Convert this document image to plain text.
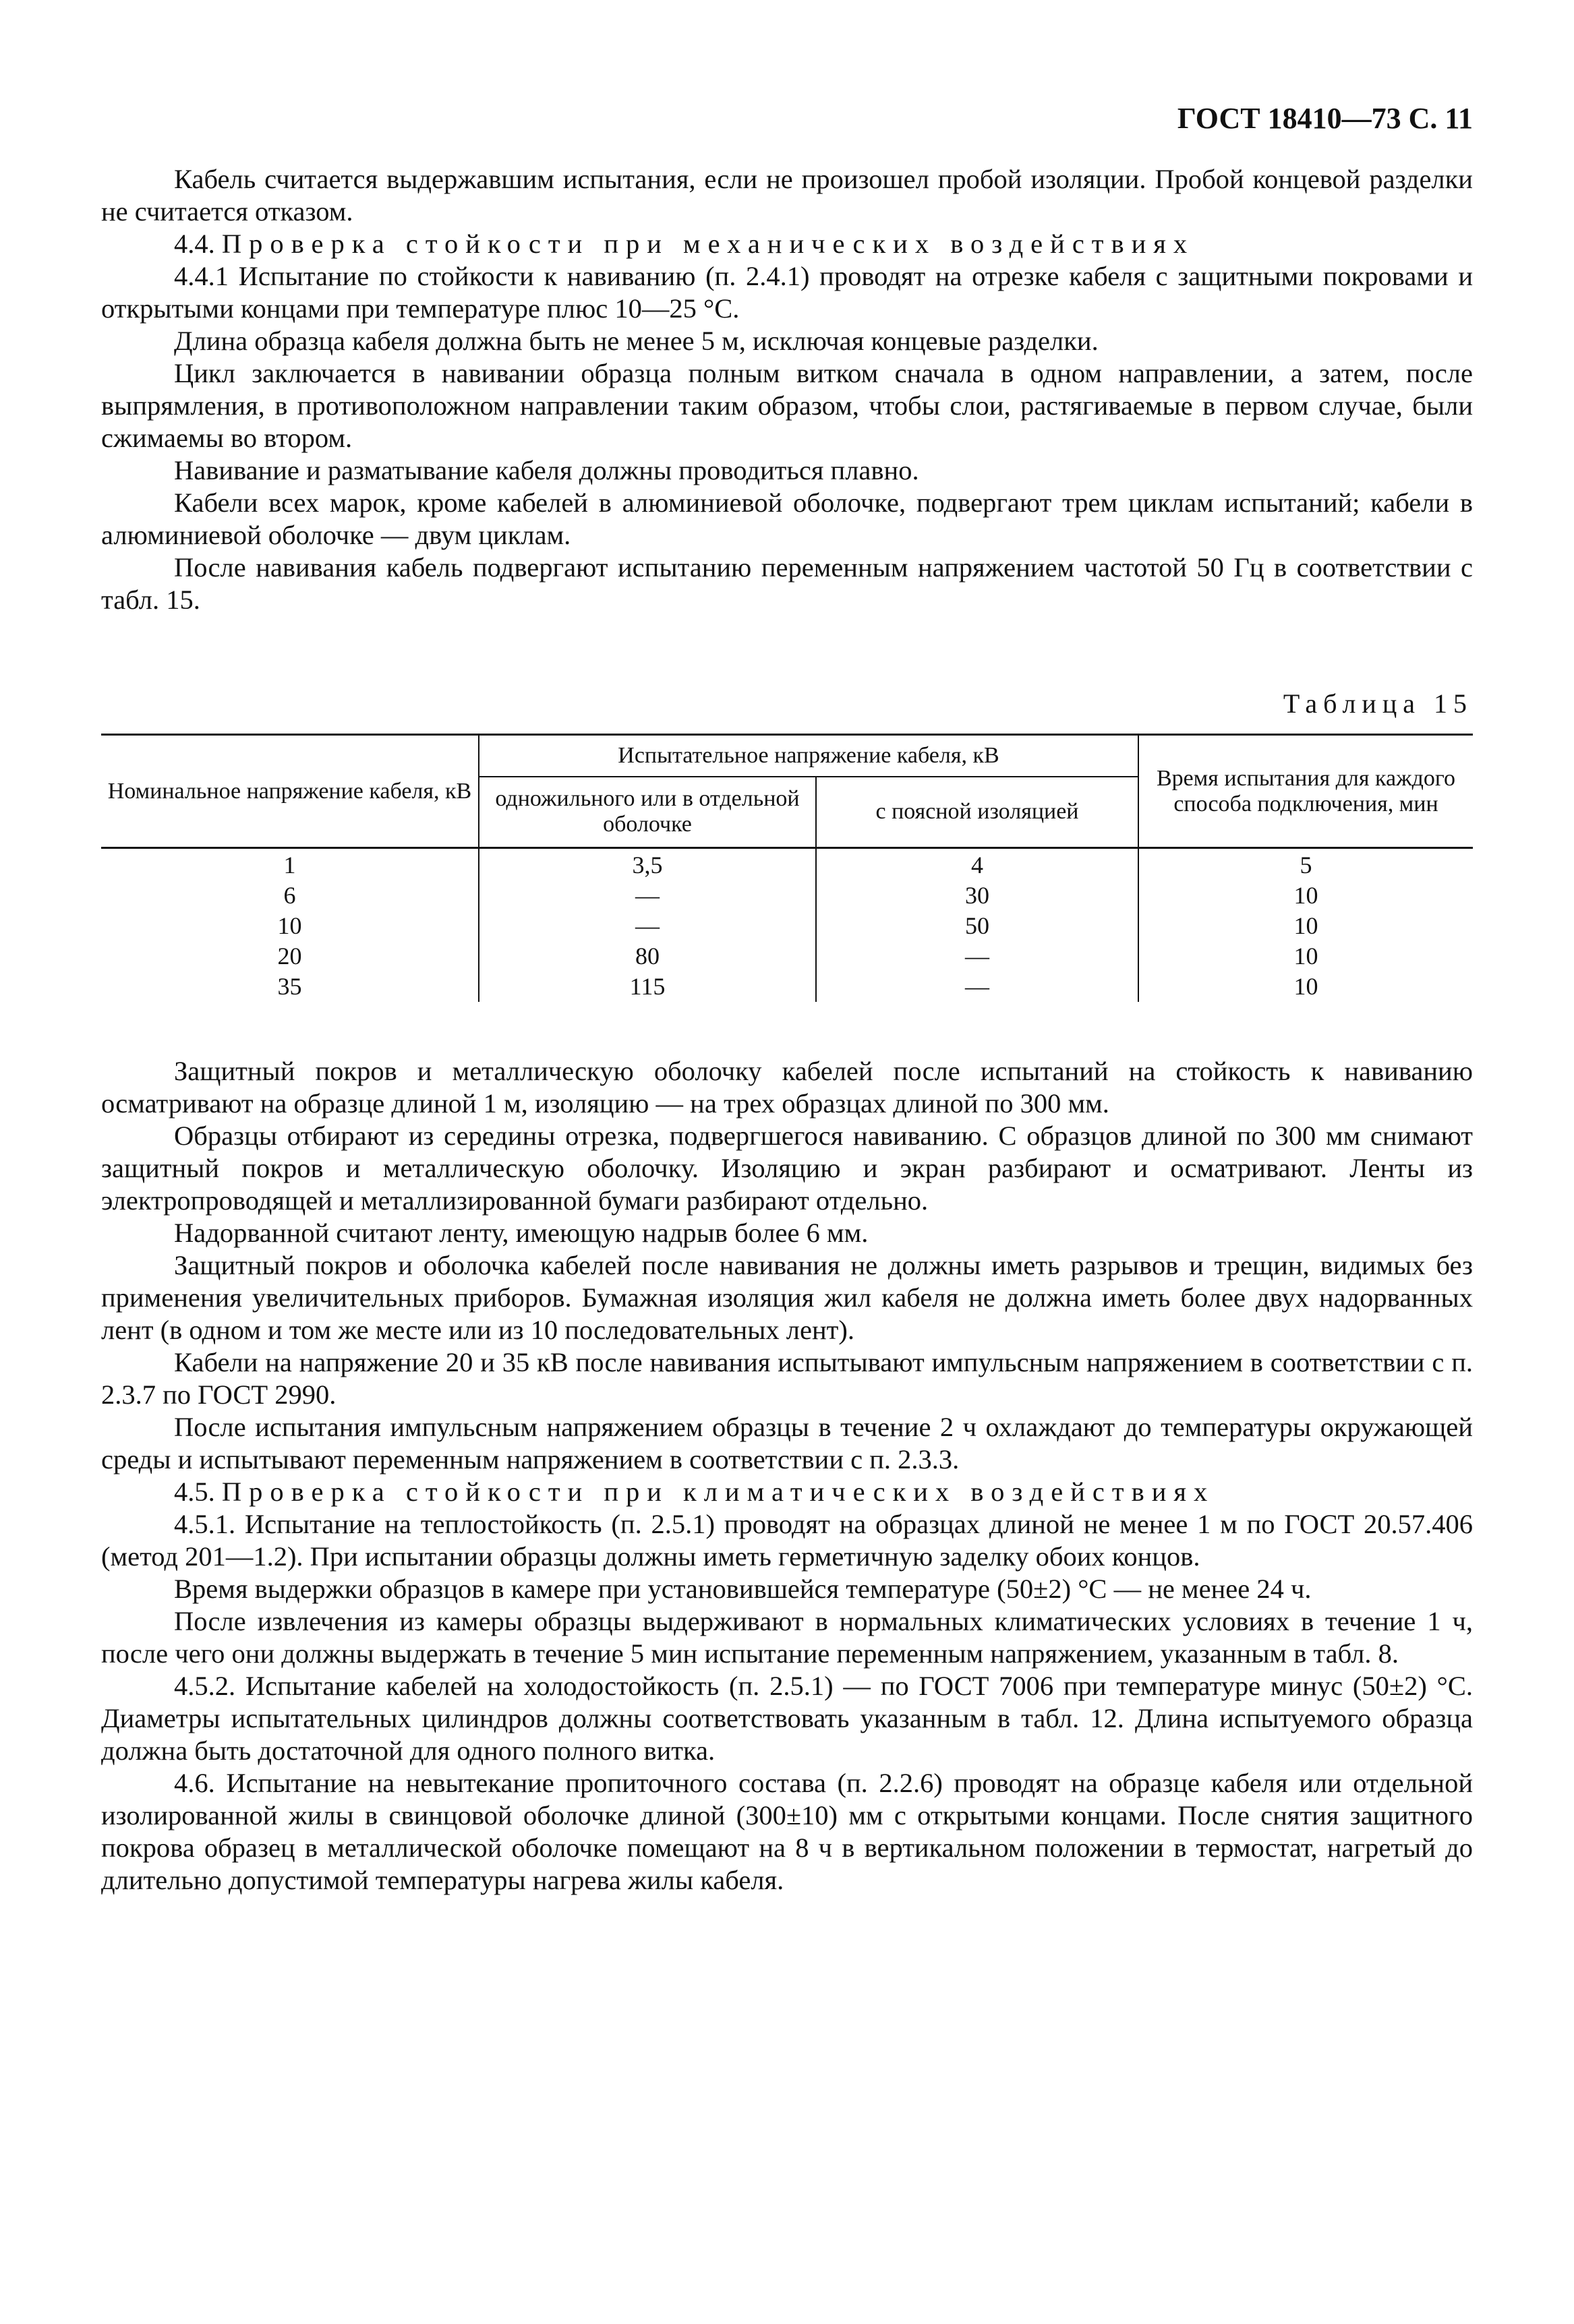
ГОСТ 18410—73 С. 11

Кабель считается выдержавшим испытания, если не произошел пробой изоляции. Пробой концевой разделки не считается отказом.

4.4. Проверка стойкости при механических воздействиях

4.4.1 Испытание по стойкости к навиванию (п. 2.4.1) проводят на отрезке кабеля с защитными покровами и открытыми концами при температуре плюс 10—25 °С.

Длина образца кабеля должна быть не менее 5 м, исключая концевые разделки.

Цикл заключается в навивании образца полным витком сначала в одном направлении, а затем, после выпрямления, в противоположном направлении таким образом, чтобы слои, растягиваемые в первом случае, были сжимаемы во втором.

Навивание и разматывание кабеля должны проводиться плавно.

Кабели всех марок, кроме кабелей в алюминиевой оболочке, подвергают трем циклам испытаний; кабели в алюминиевой оболочке — двум циклам.

После навивания кабель подвергают испытанию переменным напряжением частотой 50 Гц в соответствии с табл. 15.

Таблица 15
Номинальное напряжение кабеля, кВ	Испытательное напряжение кабеля, кВ		Время испытания для каждого способа подключения, мин
	одножильного или в отдельной оболочке	с поясной изоляцией	
1	3,5	4	5
6	—	30	10
10	—	50	10
20	80	—	10
35	115	—	10

Защитный покров и металлическую оболочку кабелей после испытаний на стойкость к навиванию осматривают на образце длиной 1 м, изоляцию — на трех образцах длиной по 300 мм.

Образцы отбирают из середины отрезка, подвергшегося навиванию. С образцов длиной по 300 мм снимают защитный покров и металлическую оболочку. Изоляцию и экран разбирают и осматривают. Ленты из электропроводящей и металлизированной бумаги разбирают отдельно.

Надорванной считают ленту, имеющую надрыв более 6 мм.

Защитный покров и оболочка кабелей после навивания не должны иметь разрывов и трещин, видимых без применения увеличительных приборов. Бумажная изоляция жил кабеля не должна иметь более двух надорванных лент (в одном и том же месте или из 10 последовательных лент).

Кабели на напряжение 20 и 35 кВ после навивания испытывают импульсным напряжением в соответствии с п. 2.3.7 по ГОСТ 2990.

После испытания импульсным напряжением образцы в течение 2 ч охлаждают до температуры окружающей среды и испытывают переменным напряжением в соответствии с п. 2.3.3.

4.5. Проверка стойкости при климатических воздействиях

4.5.1. Испытание на теплостойкость (п. 2.5.1) проводят на образцах длиной не менее 1 м по ГОСТ 20.57.406 (метод 201—1.2). При испытании образцы должны иметь герметичную заделку обоих концов.

Время выдержки образцов в камере при установившейся температуре (50±2) °С — не менее 24 ч.

После извлечения из камеры образцы выдерживают в нормальных климатических условиях в течение 1 ч, после чего они должны выдержать в течение 5 мин испытание переменным напряжением, указанным в табл. 8.

4.5.2. Испытание кабелей на холодостойкость (п. 2.5.1) — по ГОСТ 7006 при температуре минус (50±2) °С. Диаметры испытательных цилиндров должны соответствовать указанным в табл. 12. Длина испытуемого образца должна быть достаточной для одного полного витка.

4.6. Испытание на невытекание пропиточного состава (п. 2.2.6) проводят на образце кабеля или отдельной изолированной жилы в свинцовой оболочке длиной (300±10) мм с открытыми концами. После снятия защитного покрова образец в металлической оболочке помещают на 8 ч в вертикальном положении в термостат, нагретый до длительно допустимой температуры нагрева жилы кабеля.
